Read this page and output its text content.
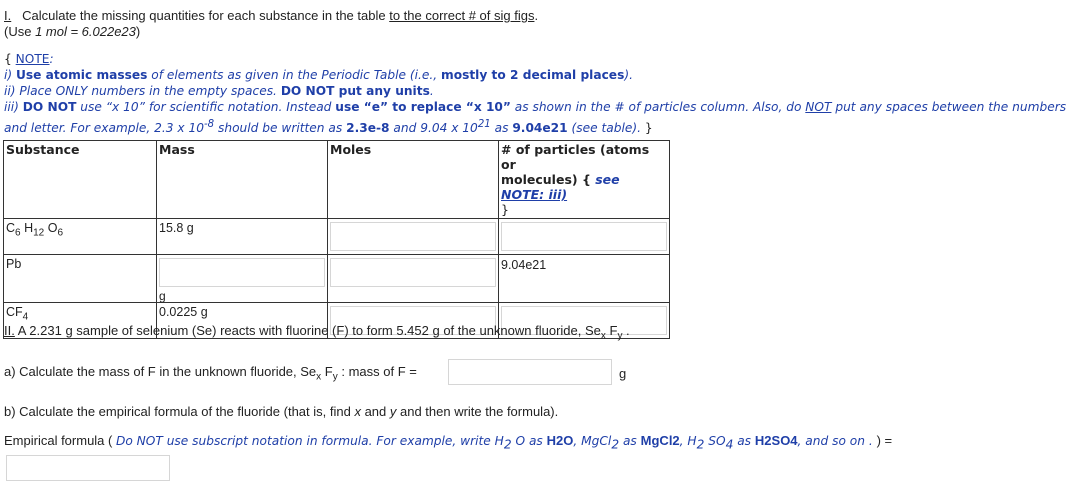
I. Calculate the missing quantities for each substance in the table to the correct # of sig figs.
(Use 1 mol = 6.022e23)
{ NOTE:
i) Use atomic masses of elements as given in the Periodic Table (i.e., mostly to 2 decimal places).
ii) Place ONLY numbers in the empty spaces. DO NOT put any units.
iii) DO NOT use “x 10” for scientific notation. Instead use “e” to replace “x 10” as shown in the # of particles column. Also, do NOT put any spaces between the numbers
and letter. For example, 2.3 x $10^{-8}$ should be written as 2.3e-8 and 9.04 x $10^{21}$ as 9.04e21 (see table). }
Substance	Mass	Moles	# of particles (atoms or
molecules) { see NOTE: iii)
}

$C_6$ $H_{12}$ $O_6$	15.8 g

Pb	g		9.04e21

$CF_4$	0.0225 g

II. A 2.231 g sample of selenium (Se) reacts with fluorine (F) to form 5.452 g of the unknown fluoride, $Se_x$ $F_y$ .
a) Calculate the mass of F in the unknown fluoride, $Se_x$ $F_y$ : mass of F =	g
b) Calculate the empirical formula of the fluoride (that is, find x and y and then write the formula).
Empirical formula ( Do NOT use subscript notation in formula. For example, write $H_2$ O as H2O, MgCl$_2$ as MgCl2, $H_2$ $SO_4$ as H2SO4, and so on . ) =
